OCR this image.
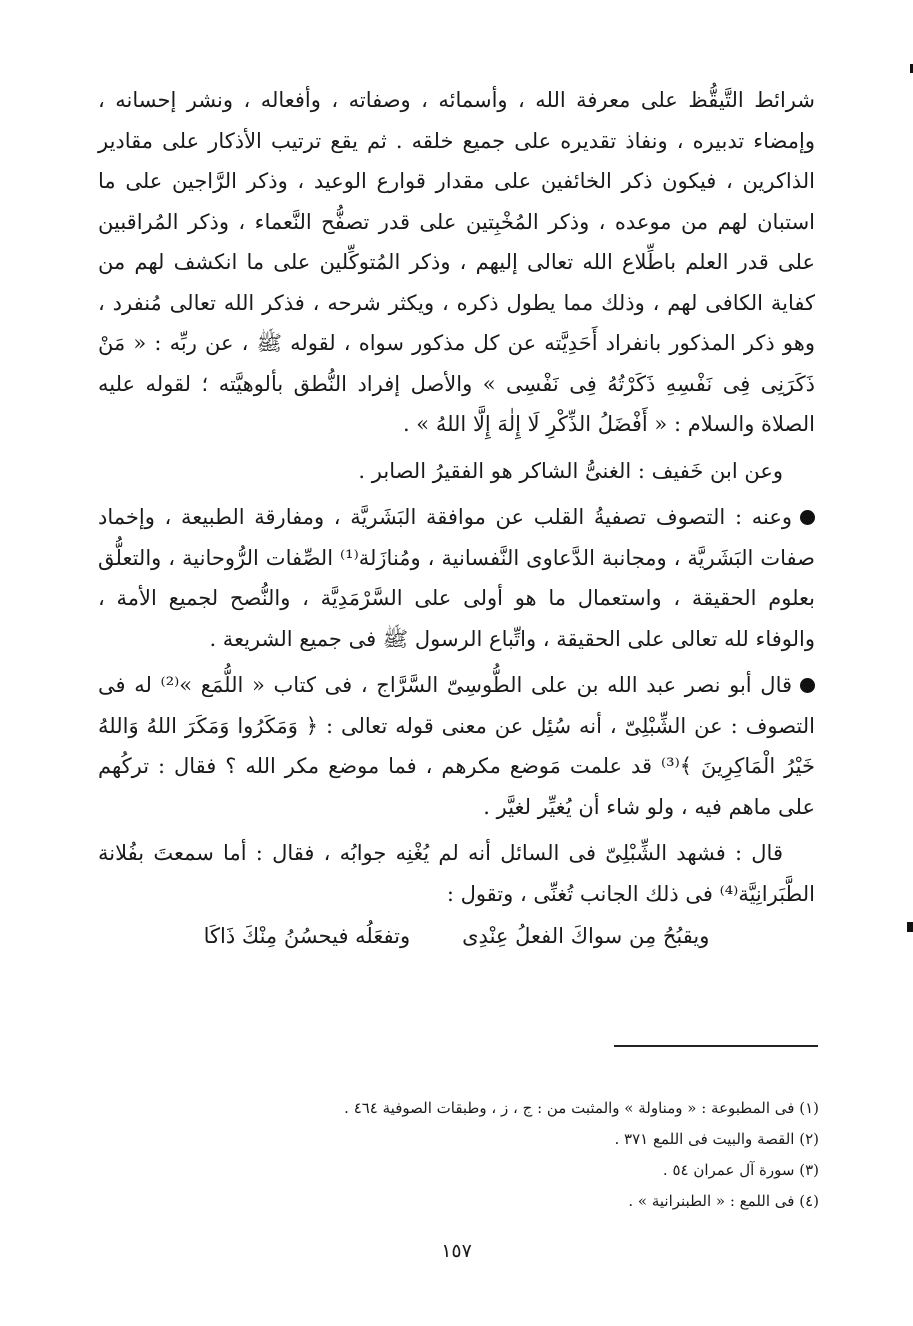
شرائط التَّيقُّظ على معرفة الله ، وأسمائه ، وصفاته ، وأفعاله ، ونشر إحسانه ، وإمضاء تدبيره ، ونفاذ تقديره على جميع خلقه . ثم يقع ترتيب الأذكار على مقادير الذاكرين ، فيكون ذكر الخائفين على مقدار قوارع الوعيد ، وذكر الرَّاجين على ما استبان لهم من موعده ، وذكر المُخْبِتين على قدر تصفُّح النَّعماء ، وذكر المُراقبين على قدر العلم باطِّلاع الله تعالى إليهم ، وذكر المُتوكِّلين على ما انكشف لهم من كفاية الكافى لهم ، وذلك مما يطول ذكره ، ويكثر شرحه ، فذكر الله تعالى مُنفرد ، وهو ذكر المذكور بانفراد أَحَدِيَّته عن كل مذكور سواه ، لقوله ﷺ ، عن ربِّه : « مَنْ ذَكَرَنِى فِى نَفْسِهِ ذَكَرْتُهُ فِى نَفْسِى » والأصل إفراد النُّطق بألوهيَّته ؛ لقوله عليه الصلاة والسلام : « أَفْضَلُ الذِّكْرِ لَا إِلٰهَ إِلَّا اللهُ » .

وعن ابن خَفيف : الغنىُّ الشاكر هو الفقيرُ الصابر .

وعنه : التصوف تصفيةُ القلب عن موافقة البَشَريَّة ، ومفارقة الطبيعة ، وإخماد صفات البَشَريَّة ، ومجانبة الدَّعاوى النَّفسانية ، ومُنازَلة⁽¹⁾ الصِّفات الرُّوحانية ، والتعلُّق بعلوم الحقيقة ، واستعمال ما هو أولى على السَّرْمَدِيَّة ، والنُّصح لجميع الأمة ، والوفاء لله تعالى على الحقيقة ، واتِّباع الرسول ﷺ فى جميع الشريعة .

قال أبو نصر عبد الله بن على الطُّوسِىّ السَّرَّاج ، فى كتاب « اللُّمَع »⁽²⁾ له فى التصوف : عن الشِّبْلِىّ ، أنه سُئِل عن معنى قوله تعالى : ﴿ وَمَكَرُوا وَمَكَرَ اللهُ وَاللهُ خَيْرُ الْمَاكِرِينَ ﴾⁽³⁾ قد علمت مَوضع مكرهم ، فما موضع مكر الله ؟ فقال : تركُهم على ماهم فيه ، ولو شاء أن يُغيِّر لغيَّر .

قال : فشهد الشِّبْلِىّ فى السائل أنه لم يُغْنِه جوابُه ، فقال : أما سمعتَ بفُلانة الطَّبَرانِيَّة⁽⁴⁾ فى ذلك الجانب تُغنِّى ، وتقول :

ويقبُحُ مِن سواكَ الفعلُ عِنْدِى
وتفعَلُه فيحسُنُ مِنْكَ ذَاكَا

(١) فى المطبوعة : « ومناولة » والمثبت من : ج ، ز ، وطبقات الصوفية ٤٦٤ .

(٢) القصة والبيت فى اللمع ٣٧١ .

(٣) سورة آل عمران ٥٤ .

(٤) فى اللمع : « الطبنرانية » .

١٥٧
